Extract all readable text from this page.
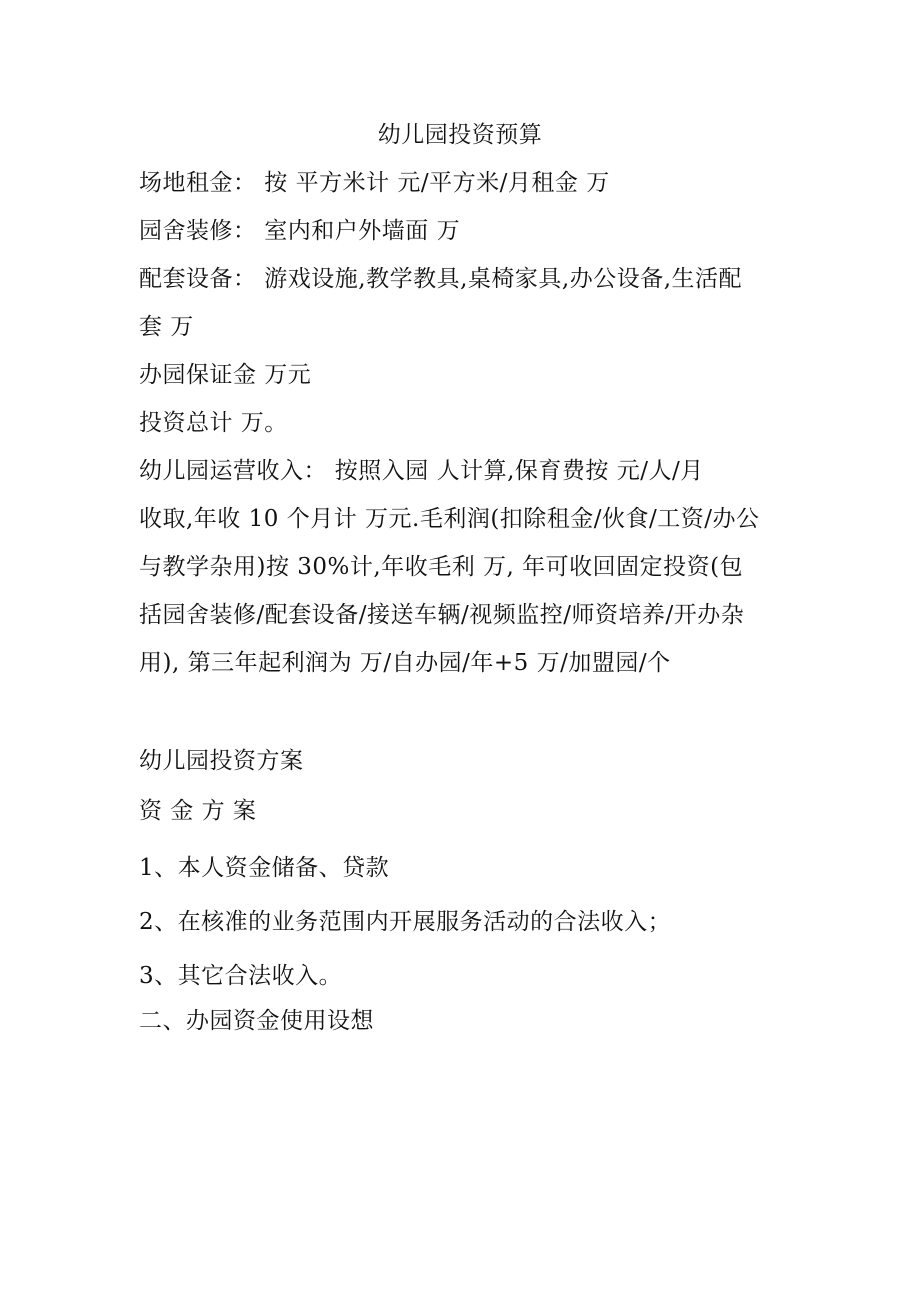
幼儿园投资预算
场地租金： 按 平方米计 元/平方米/月租金 万
园舍装修： 室内和户外墙面 万
配套设备： 游戏设施,教学教具,桌椅家具,办公设备,生活配
套 万
办园保证金 万元
投资总计 万。
幼儿园运营收入： 按照入园 人计算,保育费按 元/人/月
收取,年收 10 个月计 万元.毛利润(扣除租金/伙食/工资/办公
与教学杂用)按 30%计,年收毛利 万, 年可收回固定投资(包
括园舍装修/配套设备/接送车辆/视频监控/师资培养/开办杂
用), 第三年起利润为 万/自办园/年+5 万/加盟园/个
幼儿园投资方案
资 金 方 案
1、本人资金储备、贷款
2、在核准的业务范围内开展服务活动的合法收入；
3、其它合法收入。
二、办园资金使用设想
